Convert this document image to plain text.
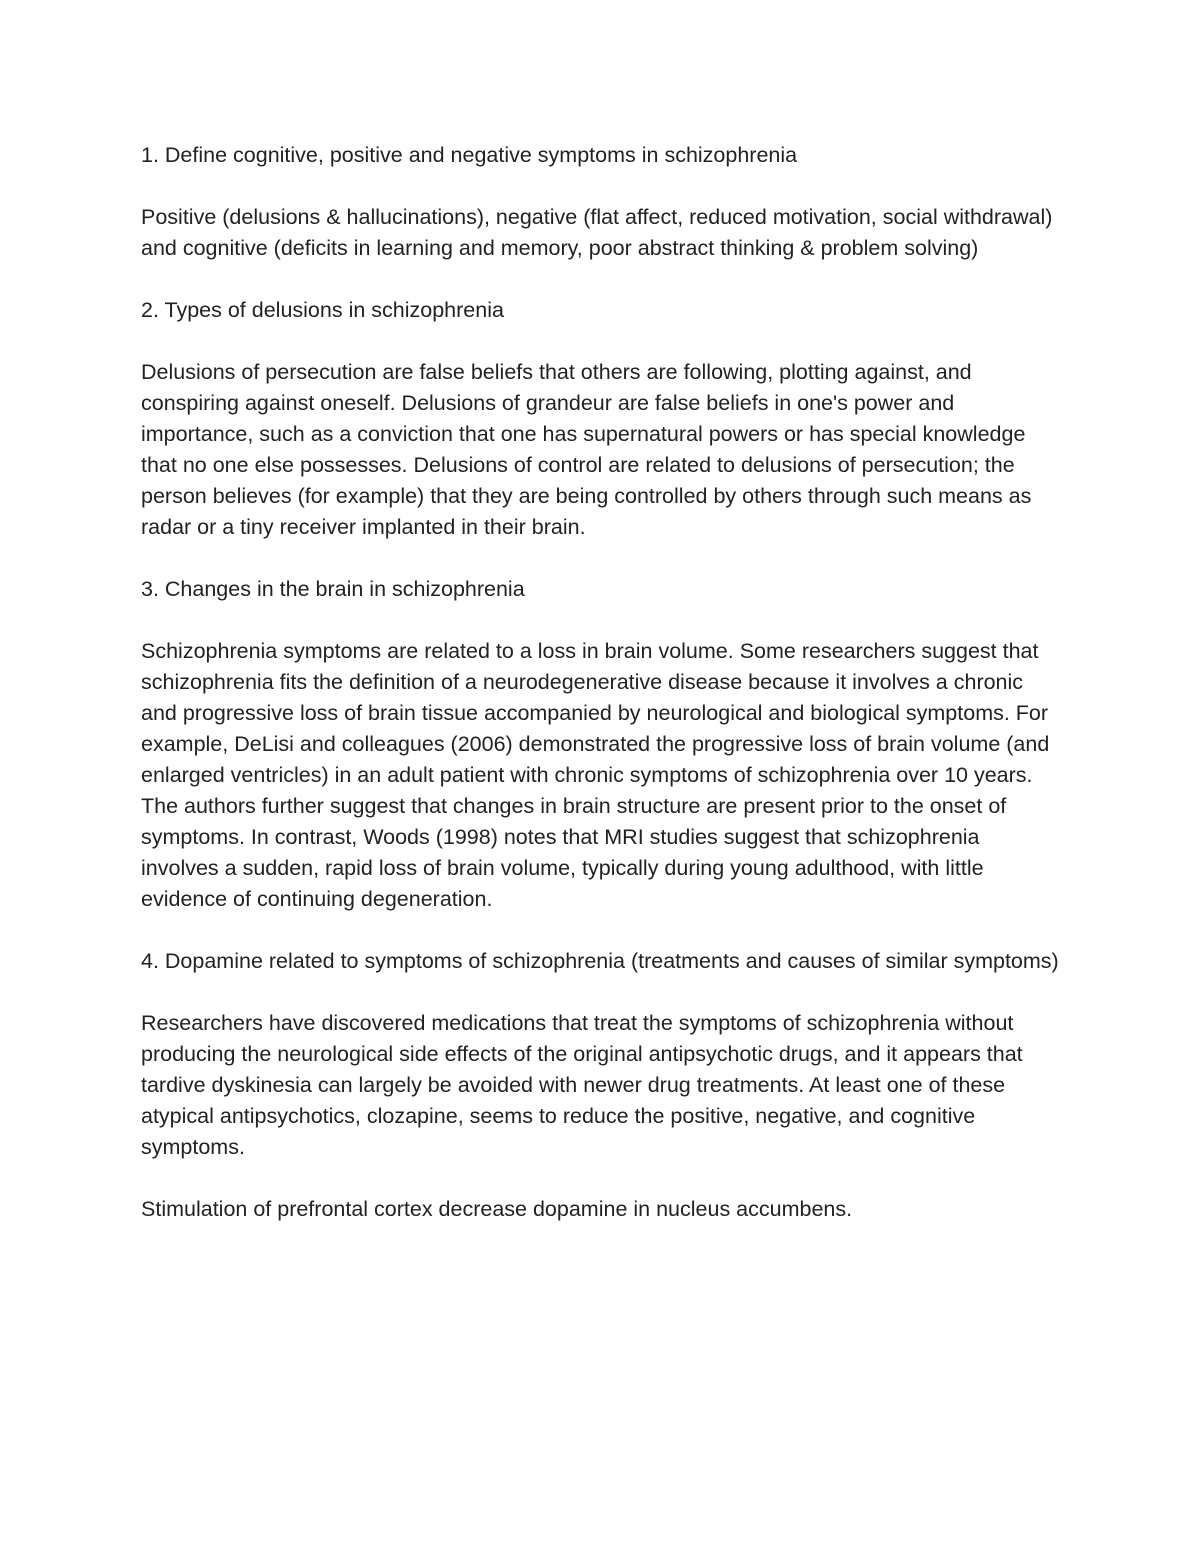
1. Define cognitive, positive and negative symptoms in schizophrenia

Positive (delusions & hallucinations), negative (flat affect, reduced motivation, social withdrawal) and cognitive (deficits in learning and memory, poor abstract thinking & problem solving)

2. Types of delusions in schizophrenia

Delusions of persecution are false beliefs that others are following, plotting against, and conspiring against oneself. Delusions of grandeur are false beliefs in one's power and importance, such as a conviction that one has supernatural powers or has special knowledge that no one else possesses. Delusions of control are related to delusions of persecution; the person believes (for example) that they are being controlled by others through such means as radar or a tiny receiver implanted in their brain.

3. Changes in the brain in schizophrenia

Schizophrenia symptoms are related to a loss in brain volume. Some researchers suggest that schizophrenia fits the definition of a neurodegenerative disease because it involves a chronic and progressive loss of brain tissue accompanied by neurological and biological symptoms. For example, DeLisi and colleagues (2006) demonstrated the progressive loss of brain volume (and enlarged ventricles) in an adult patient with chronic symptoms of schizophrenia over 10 years. The authors further suggest that changes in brain structure are present prior to the onset of symptoms. In contrast, Woods (1998) notes that MRI studies suggest that schizophrenia involves a sudden, rapid loss of brain volume, typically during young adulthood, with little evidence of continuing degeneration.

4. Dopamine related to symptoms of schizophrenia (treatments and causes of similar symptoms)

Researchers have discovered medications that treat the symptoms of schizophrenia without producing the neurological side effects of the original antipsychotic drugs, and it appears that tardive dyskinesia can largely be avoided with newer drug treatments. At least one of these atypical antipsychotics, clozapine, seems to reduce the positive, negative, and cognitive symptoms.

Stimulation of prefrontal cortex decrease dopamine in nucleus accumbens.
